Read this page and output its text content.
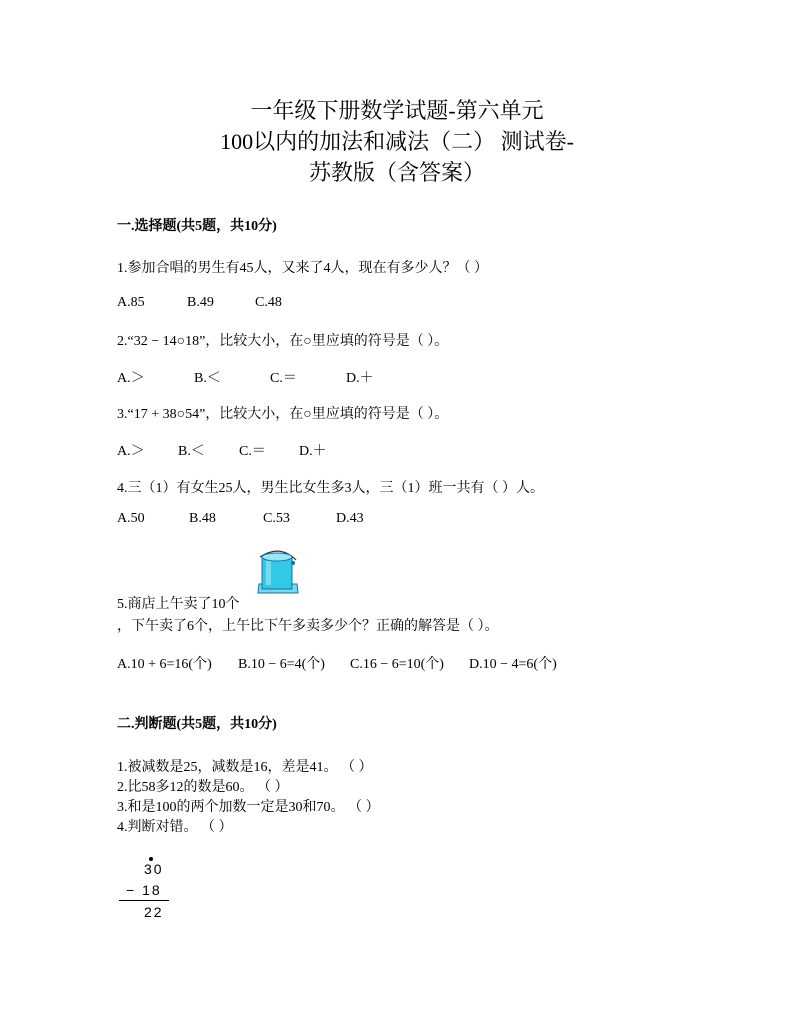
一年级下册数学试题-第六单元
100以内的加法和减法（二） 测试卷-
苏教版（含答案）
一.选择题(共5题，共10分)
1.参加合唱的男生有45人，又来了4人，现在有多少人？（ ）
A.85	B.49	C.48
2.“32 − 14○18”，比较大小，在○里应填的符号是（ ）。
A.＞	B.＜	C.＝	D.＋
3.“17 + 38○54”，比较大小，在○里应填的符号是（ ）。
A.＞ B.＜ C.＝ D.＋
4.三（1）有女生25人，男生比女生多3人，三（1）班一共有（ ）人。
A.50	B.48	C.53	D.43
5.商店上午卖了10个
，下午卖了6个，上午比下午多卖多少个？正确的解答是（ ）。
A.10 + 6=16(个) B.10 − 6=4(个) C.16 − 6=10(个) D.10 − 4=6(个)
二.判断题(共5题，共10分)
1.被减数是25，减数是16，差是41。 （ ）
2.比58多12的数是60。 （ ）
3.和是100的两个加数一定是30和70。 （ ）
4.判断对错。 （ ）
30
− 18
22
